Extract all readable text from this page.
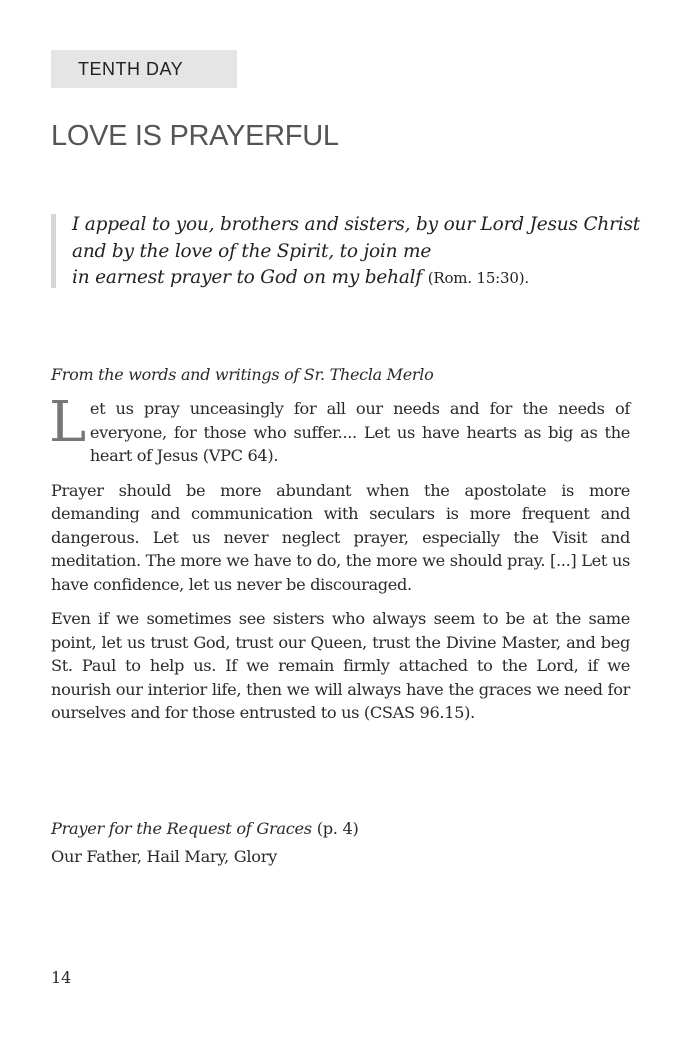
TENTH DAY
LOVE IS PRAYERFUL
I appeal to you, brothers and sisters, by our Lord Jesus Christ
and by the love of the Spirit, to join me
in earnest prayer to God on my behalf (Rom. 15:30).
From the words and writings of Sr. Thecla Merlo

Let us pray unceasingly for all our needs and for the needs of everyone, for those who suffer.... Let us have hearts as big as the heart of Jesus (VPC 64).

Prayer should be more abundant when the apostolate is more demanding and communication with seculars is more frequent and dangerous. Let us never neglect prayer, especially the Visit and meditation. The more we have to do, the more we should pray. [...] Let us have confidence, let us never be discouraged.

Even if we sometimes see sisters who always seem to be at the same point, let us trust God, trust our Queen, trust the Divine Master, and beg St. Paul to help us. If we remain firmly attached to the Lord, if we nourish our interior life, then we will always have the graces we need for ourselves and for those entrusted to us (CSAS 96.15).

Prayer for the Request of Graces (p. 4)
Our Father, Hail Mary, Glory
14
